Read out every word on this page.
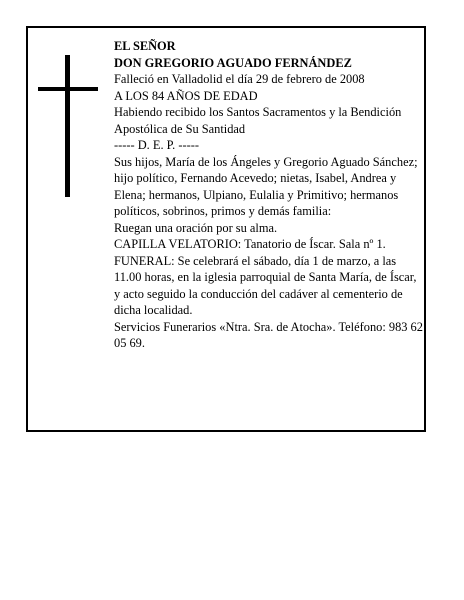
EL SEÑOR

DON GREGORIO AGUADO FERNÁNDEZ

Falleció en Valladolid el día 29 de febrero de 2008

A LOS 84 AÑOS DE EDAD

Habiendo recibido los Santos Sacramentos y la Bendición Apostólica de Su Santidad

----- D. E. P. -----

Sus hijos, María de los Ángeles y Gregorio Aguado Sánchez; hijo político, Fernando Acevedo; nietas, Isabel, Andrea y Elena; hermanos, Ulpiano, Eulalia y Primitivo; hermanos políticos, sobrinos, primos y demás familia:

Ruegan una oración por su alma.

CAPILLA VELATORIO: Tanatorio de Íscar. Sala nº 1.

FUNERAL: Se celebrará el sábado, día 1 de marzo, a las 11.00 horas, en la iglesia parroquial de Santa María, de Íscar, y acto seguido la conducción del cadáver al cementerio de dicha localidad.

Servicios Funerarios «Ntra. Sra. de Atocha». Teléfono: 983 62 05 69.
